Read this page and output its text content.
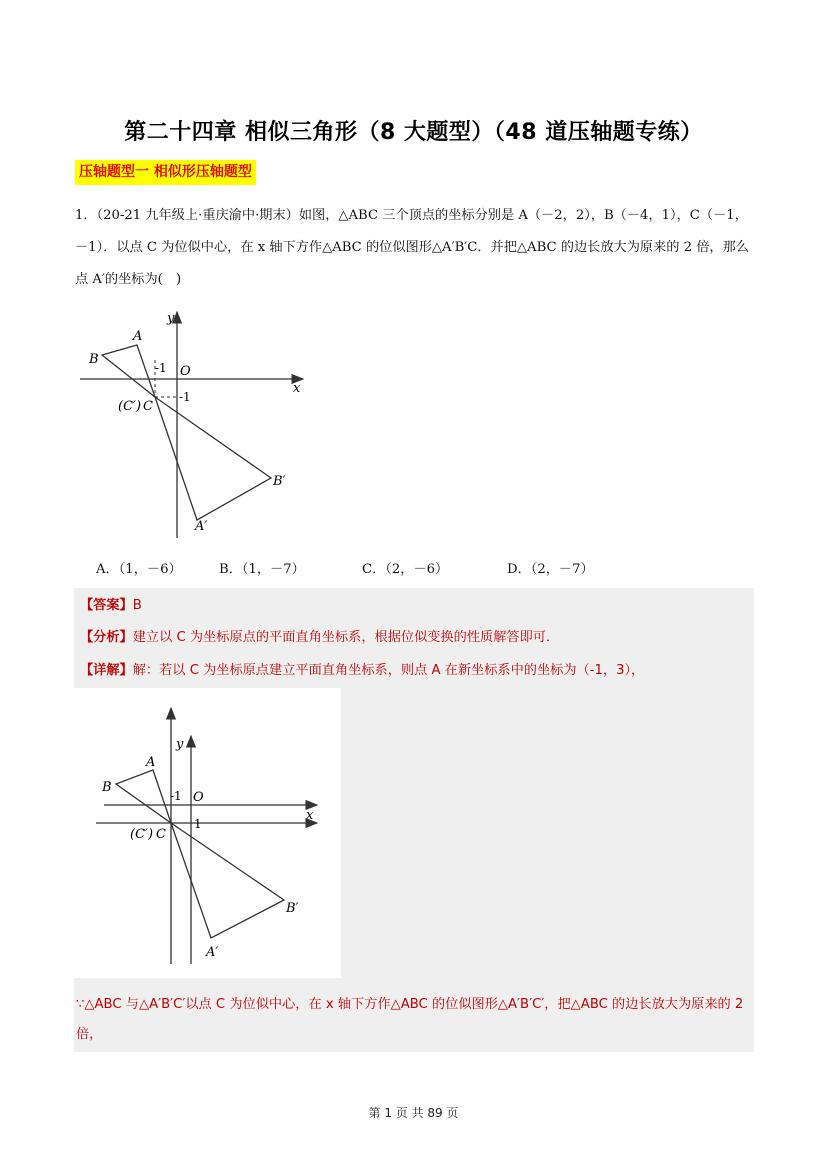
第二十四章 相似三角形（8 大题型）（48 道压轴题专练）
压轴题型一 相似形压轴题型
1．（20-21 九年级上·重庆渝中·期末）如图，△ABC 三个顶点的坐标分别是 A（－2，2），B（－4，1），C（－1，－1）．以点 C 为位似中心，在 x 轴下方作△ABC 的位似图形△A′B′C．并把△ABC 的边长放大为原来的 2 倍，那么点 A′的坐标为(　)
A
B
-1 O
x
y
-1
(C′) C
B′
A′
A．（1，－6）	B．（1，－7）	C．（2，－6）	D．（2，－7）
【答案】B
【分析】建立以 C 为坐标原点的平面直角坐标系，根据位似变换的性质解答即可．
【详解】解：若以 C 为坐标原点建立平面直角坐标系，则点 A 在新坐标系中的坐标为（-1，3），
y
A
B
-1 O
x
1
(C′) C
B′
A′
∵△ABC 与△A′B′C′以点 C 为位似中心，在 x 轴下方作△ABC 的位似图形△A′B′C′，把△ABC 的边长放大为原来的 2 倍，
第 1 页 共 89 页
